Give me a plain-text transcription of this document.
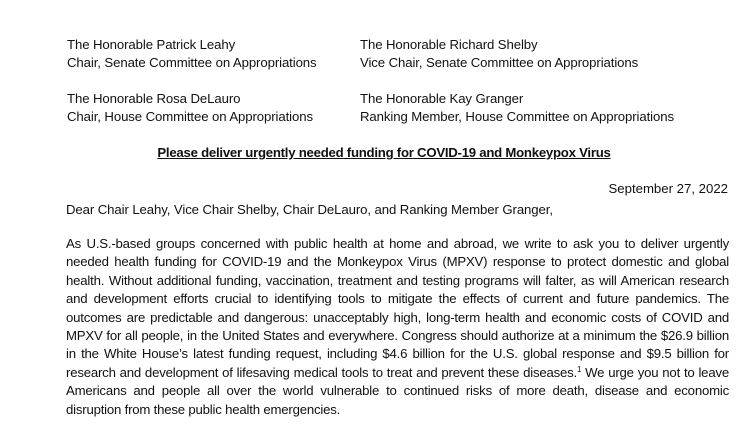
The Honorable Patrick Leahy
Chair, Senate Committee on Appropriations
The Honorable Richard Shelby
Vice Chair, Senate Committee on Appropriations
The Honorable Rosa DeLauro
Chair, House Committee on Appropriations
The Honorable Kay Granger
Ranking Member, House Committee on Appropriations
Please deliver urgently needed funding for COVID-19 and Monkeypox Virus
September 27, 2022
Dear Chair Leahy, Vice Chair Shelby, Chair DeLauro, and Ranking Member Granger,
As U.S.-based groups concerned with public health at home and abroad, we write to ask you to deliver urgently needed health funding for COVID-19 and the Monkeypox Virus (MPXV) response to protect domestic and global health. Without additional funding, vaccination, treatment and testing programs will falter, as will American research and development efforts crucial to identifying tools to mitigate the effects of current and future pandemics. The outcomes are predictable and dangerous: unacceptably high, long-term health and economic costs of COVID and MPXV for all people, in the United States and everywhere. Congress should authorize at a minimum the $26.9 billion in the White House’s latest funding request, including $4.6 billion for the U.S. global response and $9.5 billion for research and development of lifesaving medical tools to treat and prevent these diseases.$^1$ We urge you not to leave Americans and people all over the world vulnerable to continued risks of more death, disease and economic disruption from these public health emergencies.
